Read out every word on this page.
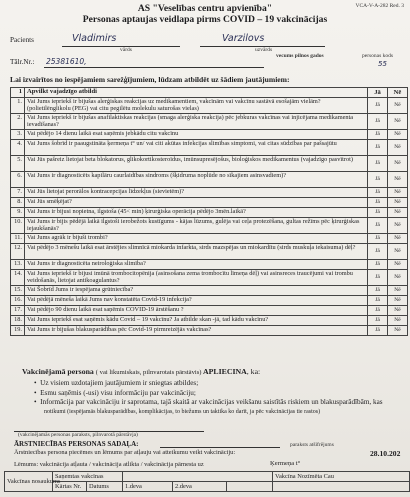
VCA-V-A-282 Red. 3
AS "Veselības centru apvienība"
Personas aptaujas veidlapa pirms COVID – 19 vakcinācijas
Pacients	Vladimirs
vārds
Varzilovs
uzvārds
vecums pilnos gados	personas kods
55
Tālr.Nr.: 25381610,
Lai izvairītos no iespējamiem sarežģījumiem, lūdzam atbildēt uz šādiem jautājumiem:
1	Apvilkt vajadzīgo atbildi	Jā	Nē
1.	Vai Jums iepriekš ir bijušas alerģiskas reakcijas uz medikamentiem, vakcīnām vai vakcīnu sastāvā esošajām vielām? (polietilēnglikolu (PEG) vai citu pegilētu molekulu saturošas vielas)	Jā	Nē
2.	Vai Jums iepriekš ir bijušas anafilaktiskas reakcijas (smaga alerģiska reakcija) pēc jebkuras vakcīnas vai injicējama medikamenta ievadīšanas?	Jā	Nē
3.	Vai pēdējo 14 dienu laikā esat saņēmis jebkādu citu vakcīnu	Jā	Nē
4.	Vai Jums šobrīd ir paaugstināta ķermeņa t° un/ vai citi akūtas infekcijas slimības simptomi, vai citas sūdzības par pašsajūtu	Jā	Nē
5.	Vai Jūs pašreiz lietojat beta blokatorus, glikokortikosteroīdus, imūnsupresējošus, bioloģiskos medikamentus (vajadzīgo pasvītrot)	Jā	Nē
6.	Vai Jums ir diagnosticēts kapilāru caurlaidības sindroms (šķidruma noplūde no sīkajiem asinsvadiem)?	Jā	Nē
7.	Vai Jūs lietojat perorālos kontracepcijas līdzekļus (sievietēm)?	Jā	Nē
8.	Vai Jūs smēķējat?	Jā	Nē
9.	Vai Jums ir bijusi nopietna, ilgstoša (45< min) ķirurģiska operācija pēdējo 3mēn.laikā?	Jā	Nē
10.	Vai Jums ir bijis pēdējā laikā ilgstoši ierobežots kustīgums - kājas lūzums, gulēja vai ceļa protezēšana, gultas režīms pēc ķirurģiskas iejaukšanās?	Jā	Nē
11.	Vai Jums agrāk ir bijuši trombi?	Jā	Nē
12.	Vai pēdējo 3 mēnešu laikā esat ārstējies slimnīcā miokarda infarkta, sirds mazspējas un miokardītu (sirds muskuļa iekaisuma) dēļ?	Jā	Nē
13.	Vai Jums ir diagnosticēta neiroloģiska slimība?	Jā	Nē
14.	Vai Jums iepriekš ir bijusi imūnā trombocitopēnija (asinsošana zema trombocītu līmeņa dēļ) vai asinsreces traucējumi vai trombu veidošanās, lietojat antikoagulantus?	Jā	Nē
15.	Vai Šobrīd Jums ir iespējama grūtniecība?	Jā	Nē
16.	Vai pēdējā mēneša laikā Jums nav konstatēta Covid-19 infekcija?	Jā	Nē
17.	Vai pēdējo 90 dienu laikā esat saņēmis COVID-19 ārstēšanu ?	Jā	Nē
18.	Vai Jums iepriekš esat saņēmis kādu Covid – 19 vakcīnu? Ja atbilde skan -jā, tad kādu vakcīnu?	Jā	Nē
19.	Vai Jums ir bijušas blakusparādības pēc Covid-19 pirmreizējās vakcīnas?	Jā	Nē
Vakcinējamā persona ( vai likumiskais, pilnvarotais pārstāvis) APLIECINA, ka:
•  Uz visiem uzdotajiem jautājumiem ir sniegtas atbildes;
•  Esmu saņēmis (-usi) visu informāciju par vakcināciju;
•  Informācija par vakcināciju ir saprotama, tajā skaitā ar vakcinācijas veikšanu saistītās riskiem un blakusparādībām, kas
notikumi (iespējamās blakusparādības, komplikācijas, to biežums un taktika ko darīt, ja pēc vakcinācijas tie rastos)
(vakcinējamās personas paraksts, pilnvarotā pārstāvja)
ĀRSTNIECĪBAS PERSONAS SADAĻA:	paraksts atšifrējums
Ārstniecības persona piecēmes un lēmums par atļauju vai atteikumu veikt vakcināciju:	28.10.202
Lēmums: vakcinācija atļauta / vakcinācija atlikta / vakcinācija pārnesta uz	Ķermeņa t°
Vakcīnas nosaukums	Saņemtas vakcīnas					Vakcīna Nozīmēta Cau
	Kārtas Nr.	Datums	1.deva	2.deva		
